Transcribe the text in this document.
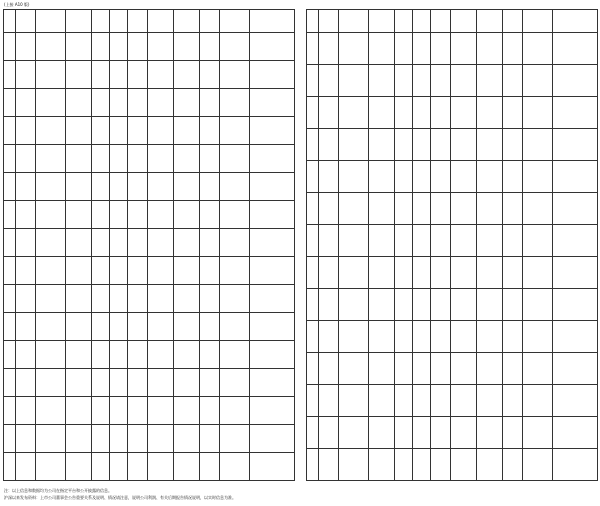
(上接 A10 版)

注：以上信息和数据均为公司在指定平台和公开披露的信息。
沪深以来发布资料：上市公司董事会公告重要关系及说明、情况请注意，说明公司利润、有关后期报告情况说明，以实时信息为准。
